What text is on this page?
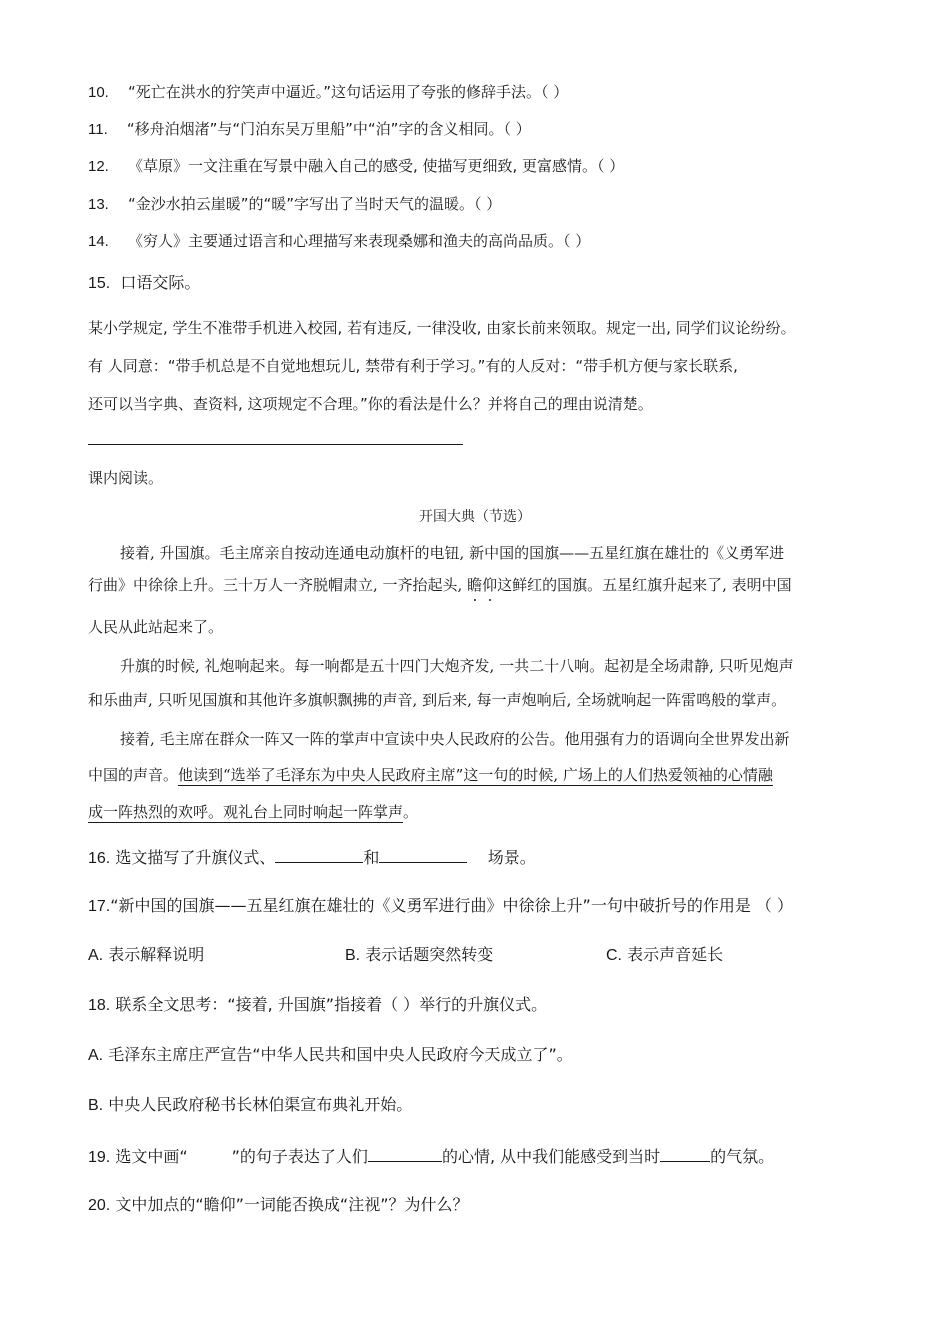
10. “死亡在洪水的狞笑声中逼近。”这句话运用了夸张的修辞手法。（ ）
11. “移舟泊烟渚”与“门泊东吴万里船”中“泊”字的含义相同。（ ）
12. 《草原》一文注重在写景中融入自己的感受, 使描写更细致, 更富感情。（ ）
13. “金沙水拍云崖暖”的“暖”字写出了当时天气的温暖。（ ）
14. 《穷人》主要通过语言和心理描写来表现桑娜和渔夫的高尚品质。（ ）
15. 口语交际。
某小学规定, 学生不准带手机进入校园, 若有违反, 一律没收, 由家长前来领取。规定一出, 同学们议论纷纷。
有 人同意：“带手机总是不自觉地想玩儿, 禁带有利于学习。”有的人反对：“带手机方便与家长联系,
还可以当字典、查资料, 这项规定不合理。”你的看法是什么？并将自己的理由说清楚。
课内阅读。
开国大典（节选）
接着, 升国旗。毛主席亲自按动连通电动旗杆的电钮, 新中国的国旗——五星红旗在雄壮的《义勇军进
行曲》中徐徐上升。三十万人一齐脱帽肃立, 一齐抬起头, 瞻仰这鲜红的国旗。五星红旗升起来了, 表明中国
人民从此站起来了。
升旗的时候, 礼炮响起来。每一响都是五十四门大炮齐发, 一共二十八响。起初是全场肃静, 只听见炮声
和乐曲声, 只听见国旗和其他许多旗帜飘拂的声音, 到后来, 每一声炮响后, 全场就响起一阵雷鸣般的掌声。
接着, 毛主席在群众一阵又一阵的掌声中宣读中央人民政府的公告。他用强有力的语调向全世界发出新
中国的声音。他读到“选举了毛泽东为中央人民政府主席”这一句的时候, 广场上的人们热爱领袖的心情融
成一阵热烈的欢呼。观礼台上同时响起一阵掌声。
16. 选文描写了升旗仪式、	和	场景。
17.“新中国的国旗——五星红旗在雄壮的《义勇军进行曲》中徐徐上升”一句中破折号的作用是 （ ）
A. 表示解释说明	B. 表示话题突然转变	C. 表示声音延长
18. 联系全文思考：“接着, 升国旗”指接着（ ）举行的升旗仪式。
A. 毛泽东主席庄严宣告“中华人民共和国中央人民政府今天成立了”。
B. 中央人民政府秘书长林伯渠宣布典礼开始。
19. 选文中画“	”的句子表达了人们	的心情, 从中我们能感受到当时	的气氛。
20. 文中加点的“瞻仰”一词能否换成“注视”？为什么？
